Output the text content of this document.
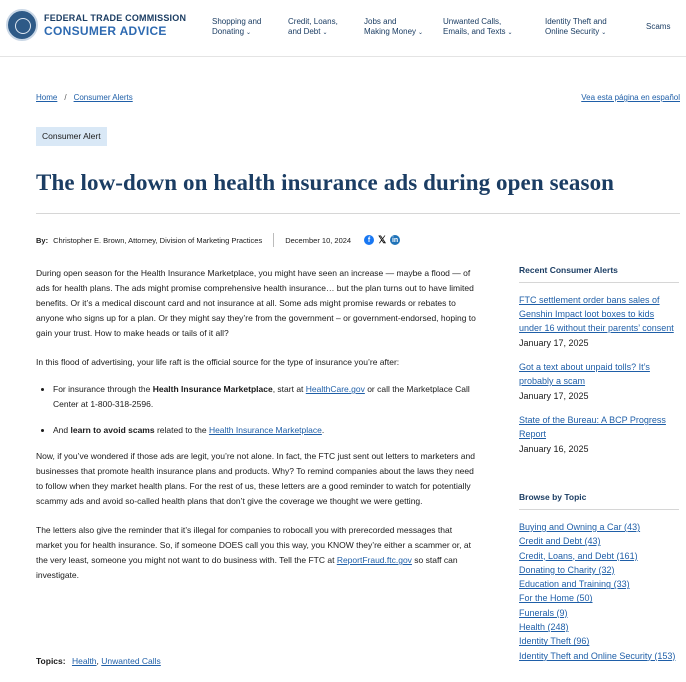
FEDERAL TRADE COMMISSION
CONSUMER ADVICE
Shopping and
Donating ⌄
Credit, Loans,
and Debt ⌄
Jobs and
Making Money ⌄
Unwanted Calls,
Emails, and Texts ⌄
Identity Theft and
Online Security ⌄
Scams
Home / Consumer Alerts	Vea esta página en español
Consumer Alert
The low-down on health insurance ads during open season
By: Christopher E. Brown, Attorney, Division of Marketing Practices	December 10, 2024	f 𝕏 in

During open season for the Health Insurance Marketplace, you might have seen an increase — maybe a flood — of ads for health plans. The ads might promise comprehensive health insurance… but the plan turns out to have limited benefits. Or it’s a medical discount card and not insurance at all. Some ads might promise rewards or rebates to anyone who signs up for a plan. Or they might say they’re from the government – or government-endorsed, hoping to gain your trust. How to make heads or tails of it all?

In this flood of advertising, your life raft is the official source for the type of insurance you’re after:

• For insurance through the Health Insurance Marketplace, start at HealthCare.gov or call the Marketplace Call Center at 1-800-318-2596.
• And learn to avoid scams related to the Health Insurance Marketplace.

Now, if you’ve wondered if those ads are legit, you’re not alone. In fact, the FTC just sent out letters to marketers and businesses that promote health insurance plans and products. Why? To remind companies about the laws they need to follow when they market health plans. For the rest of us, these letters are a good reminder to watch for potentially scammy ads and avoid so-called health plans that don’t give the coverage we thought we were getting.

The letters also give the reminder that it’s illegal for companies to robocall you with prerecorded messages that market you for health insurance. So, if someone DOES call you this way, you KNOW they’re either a scammer or, at the very least, someone you might not want to do business with. Tell the FTC at ReportFraud.ftc.gov so staff can investigate.

Topics: Health, Unwanted Calls
Recent Consumer Alerts
FTC settlement order bans sales of Genshin Impact loot boxes to kids under 16 without their parents’ consent
January 17, 2025
Got a text about unpaid tolls? It’s probably a scam
January 17, 2025
State of the Bureau: A BCP Progress Report
January 16, 2025
Browse by Topic
Buying and Owning a Car (43)
Credit and Debt (43)
Credit, Loans, and Debt (161)
Donating to Charity (32)
Education and Training (33)
For the Home (50)
Funerals (9)
Health (248)
Identity Theft (96)
Identity Theft and Online Security (153)
